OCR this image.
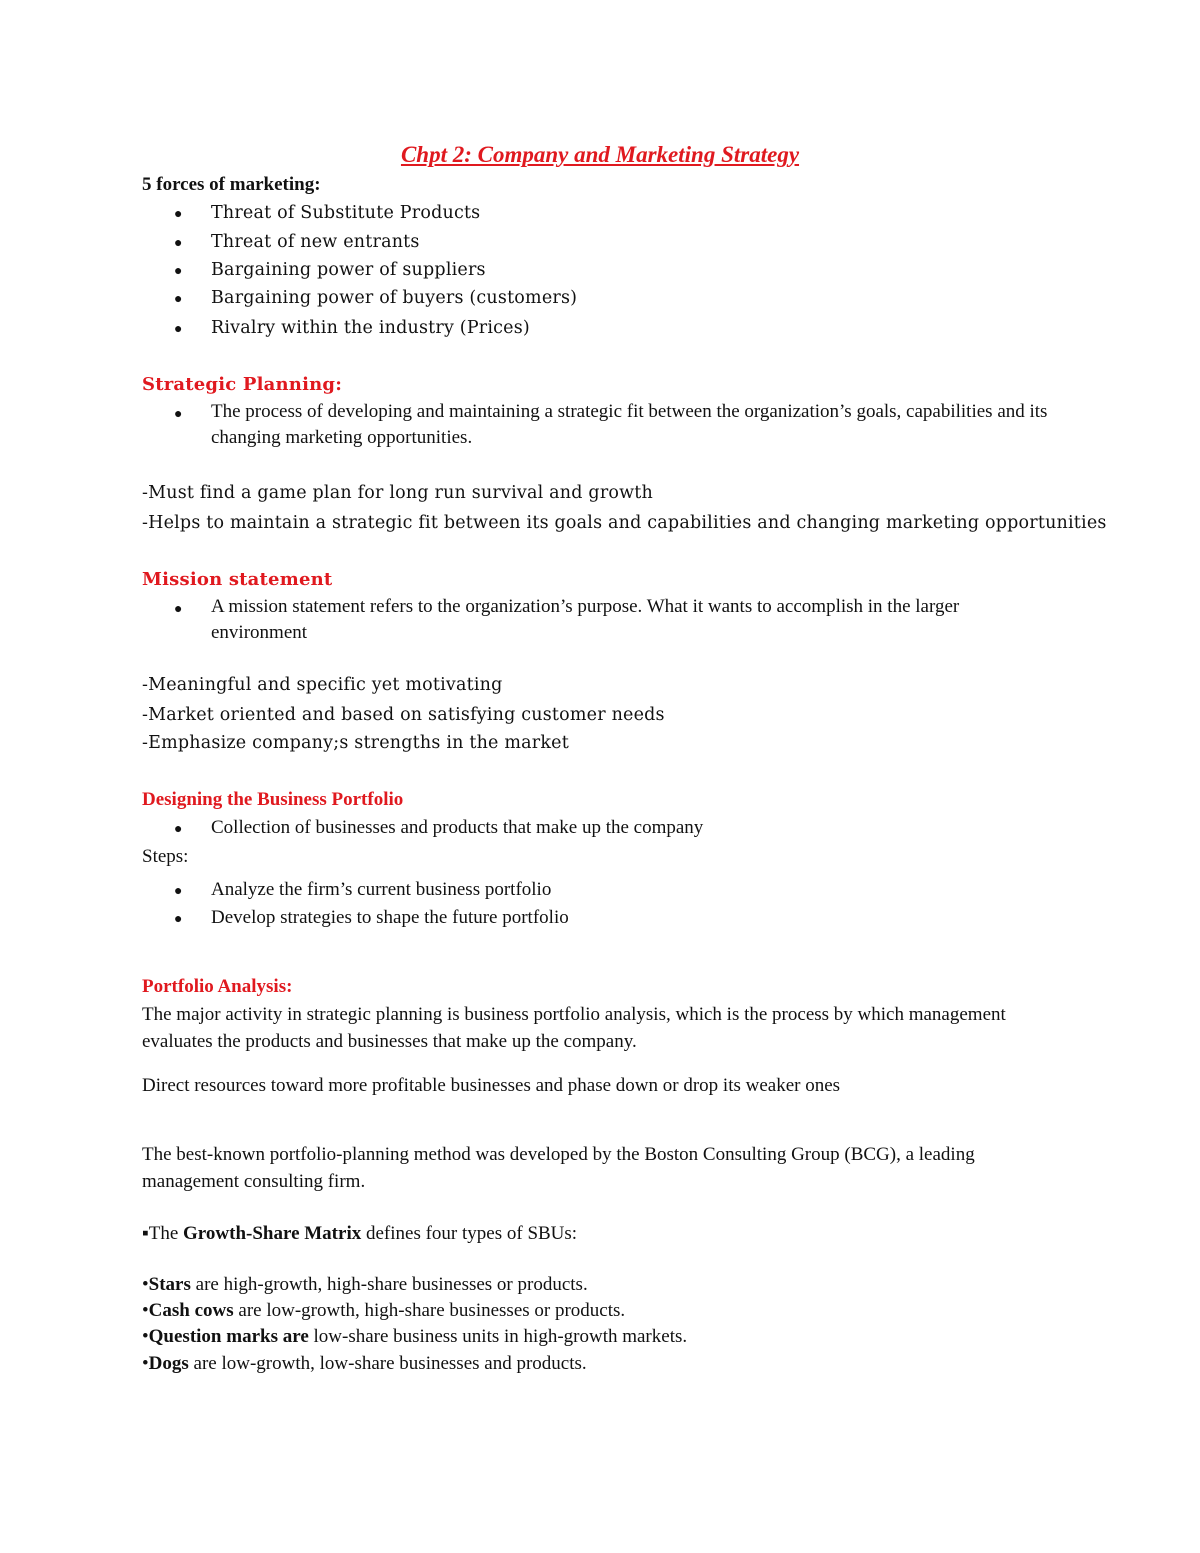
Chpt 2: Company and Marketing Strategy
5 forces of marketing:
● Threat of Substitute Products
● Threat of new entrants
● Bargaining power of suppliers
● Bargaining power of buyers (customers)
● Rivalry within the industry (Prices)
Strategic Planning:
● The process of developing and maintaining a strategic fit between the organization’s goals, capabilities and its changing marketing opportunities.
-Must find a game plan for long run survival and growth
-Helps to maintain a strategic fit between its goals and capabilities and changing marketing opportunities
Mission statement
● A mission statement refers to the organization’s purpose. What it wants to accomplish in the larger environment
-Meaningful and specific yet motivating
-Market oriented and based on satisfying customer needs
-Emphasize company;s strengths in the market
Designing the Business Portfolio
● Collection of businesses and products that make up the company
Steps:
● Analyze the firm’s current business portfolio
● Develop strategies to shape the future portfolio
Portfolio Analysis:
The major activity in strategic planning is business portfolio analysis, which is the process by which management evaluates the products and businesses that make up the company.
Direct resources toward more profitable businesses and phase down or drop its weaker ones
The best-known portfolio-planning method was developed by the Boston Consulting Group (BCG), a leading management consulting firm.
▪The Growth-Share Matrix defines four types of SBUs:
•Stars are high-growth, high-share businesses or products.
•Cash cows are low-growth, high-share businesses or products.
•Question marks are low-share business units in high-growth markets.
•Dogs are low-growth, low-share businesses and products.
